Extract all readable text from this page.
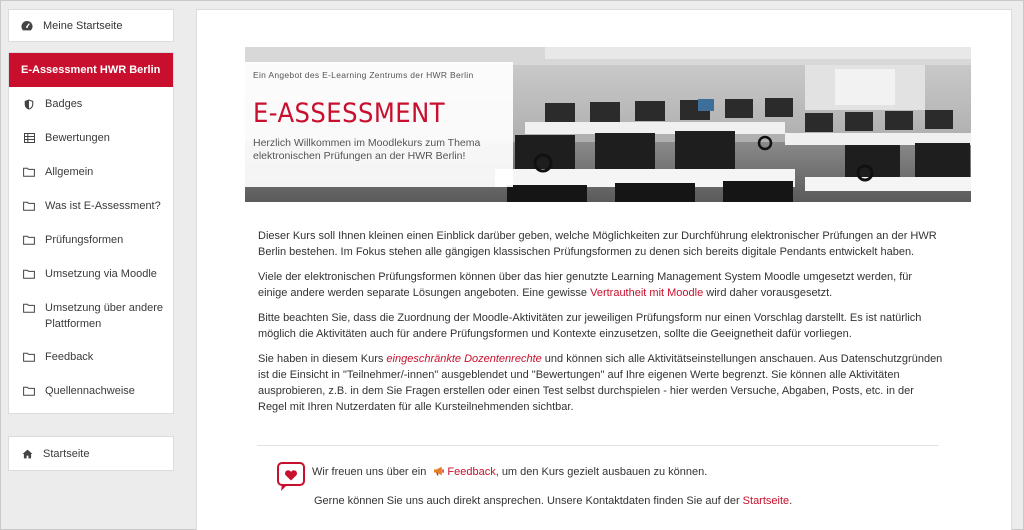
Meine Startseite
E-Assessment HWR Berlin
Badges
Bewertungen
Allgemein
Was ist E-Assessment?
Prüfungsformen
Umsetzung via Moodle
Umsetzung über andere Plattformen
Feedback
Quellennachweise
Startseite
Ein Angebot des E-Learning Zentrums der HWR Berlin
E-ASSESSMENT
Herzlich Willkommen im Moodlekurs zum Thema elektronischen Prüfungen an der HWR Berlin!

Dieser Kurs soll Ihnen kleinen einen Einblick darüber geben, welche Möglichkeiten zur Durchführung elektronischer Prüfungen an der HWR Berlin bestehen. Im Fokus stehen alle gängigen klassischen Prüfungsformen zu denen sich bereits digitale Pendants entwickelt haben.

Viele der elektronischen Prüfungsformen können über das hier genutzte Learning Management System Moodle umgesetzt werden, für einige andere werden separate Lösungen angeboten. Eine gewisse Vertrautheit mit Moodle wird daher vorausgesetzt.

Bitte beachten Sie, dass die Zuordnung der Moodle-Aktivitäten zur jeweiligen Prüfungsform nur einen Vorschlag darstellt. Es ist natürlich möglich die Aktivitäten auch für andere Prüfungsformen und Kontexte einzusetzen, sollte die Geeignetheit dafür vorliegen.

Sie haben in diesem Kurs eingeschränkte Dozentenrechte und können sich alle Aktivitätseinstellungen anschauen. Aus Datenschutzgründen ist die Einsicht in "Teilnehmer/-innen" ausgeblendet und "Bewertungen" auf Ihre eigenen Werte begrenzt. Sie können alle Aktivitäten ausprobieren, z.B. in dem Sie Fragen erstellen oder einen Test selbst durchspielen - hier werden Versuche, Abgaben, Posts, etc. in der Regel mit Ihren Nutzerdaten für alle Kursteilnehmenden sichtbar.

Wir freuen uns über ein Feedback, um den Kurs gezielt ausbauen zu können.
Gerne können Sie uns auch direkt ansprechen. Unsere Kontaktdaten finden Sie auf der Startseite.
